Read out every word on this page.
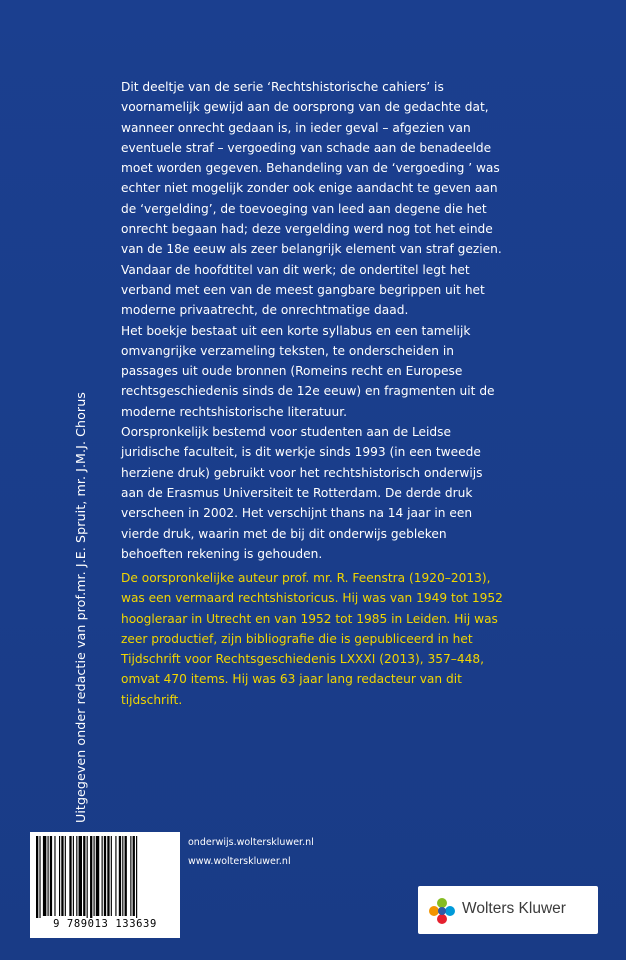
Uitgegeven onder redactie van prof.mr. J.E. Spruit, mr. J.M.J. Chorus
Dit deeltje van de serie ‘Rechtshistorische cahiers’ is
voornamelijk gewijd aan de oorsprong van de gedachte dat,
wanneer onrecht gedaan is, in ieder geval – afgezien van
eventuele straf – vergoeding van schade aan de benadeelde
moet worden gegeven. Behandeling van de ‘vergoeding ’ was
echter niet mogelijk zonder ook enige aandacht te geven aan
de ‘vergelding’, de toevoeging van leed aan degene die het
onrecht begaan had; deze vergelding werd nog tot het einde
van de 18e eeuw als zeer belangrijk element van straf gezien.
Vandaar de hoofdtitel van dit werk; de ondertitel legt het
verband met een van de meest gangbare begrippen uit het
moderne privaatrecht, de onrechtmatige daad.
Het boekje bestaat uit een korte syllabus en een tamelijk
omvangrijke verzameling teksten, te onderscheiden in
passages uit oude bronnen (Romeins recht en Europese
rechtsgeschiedenis sinds de 12e eeuw) en fragmenten uit de
moderne rechtshistorische literatuur.
Oorspronkelijk bestemd voor studenten aan de Leidse
juridische faculteit, is dit werkje sinds 1993 (in een tweede
herziene druk) gebruikt voor het rechtshistorisch onderwijs
aan de Erasmus Universiteit te Rotterdam. De derde druk
verscheen in 2002. Het verschijnt thans na 14 jaar in een
vierde druk, waarin met de bij dit onderwijs gebleken
behoeften rekening is gehouden.
De oorspronkelijke auteur prof. mr. R. Feenstra (1920–2013),
was een vermaard rechtshistoricus. Hij was van 1949 tot 1952
hoogleraar in Utrecht en van 1952 tot 1985 in Leiden. Hij was
zeer productief, zijn bibliografie die is gepubliceerd in het
Tijdschrift voor Rechtsgeschiedenis LXXXI (2013), 357–448,
omvat 470 items. Hij was 63 jaar lang redacteur van dit
tijdschrift.
9 789013 133639
onderwijs.wolterskluwer.nl
www.wolterskluwer.nl
Wolters Kluwer
